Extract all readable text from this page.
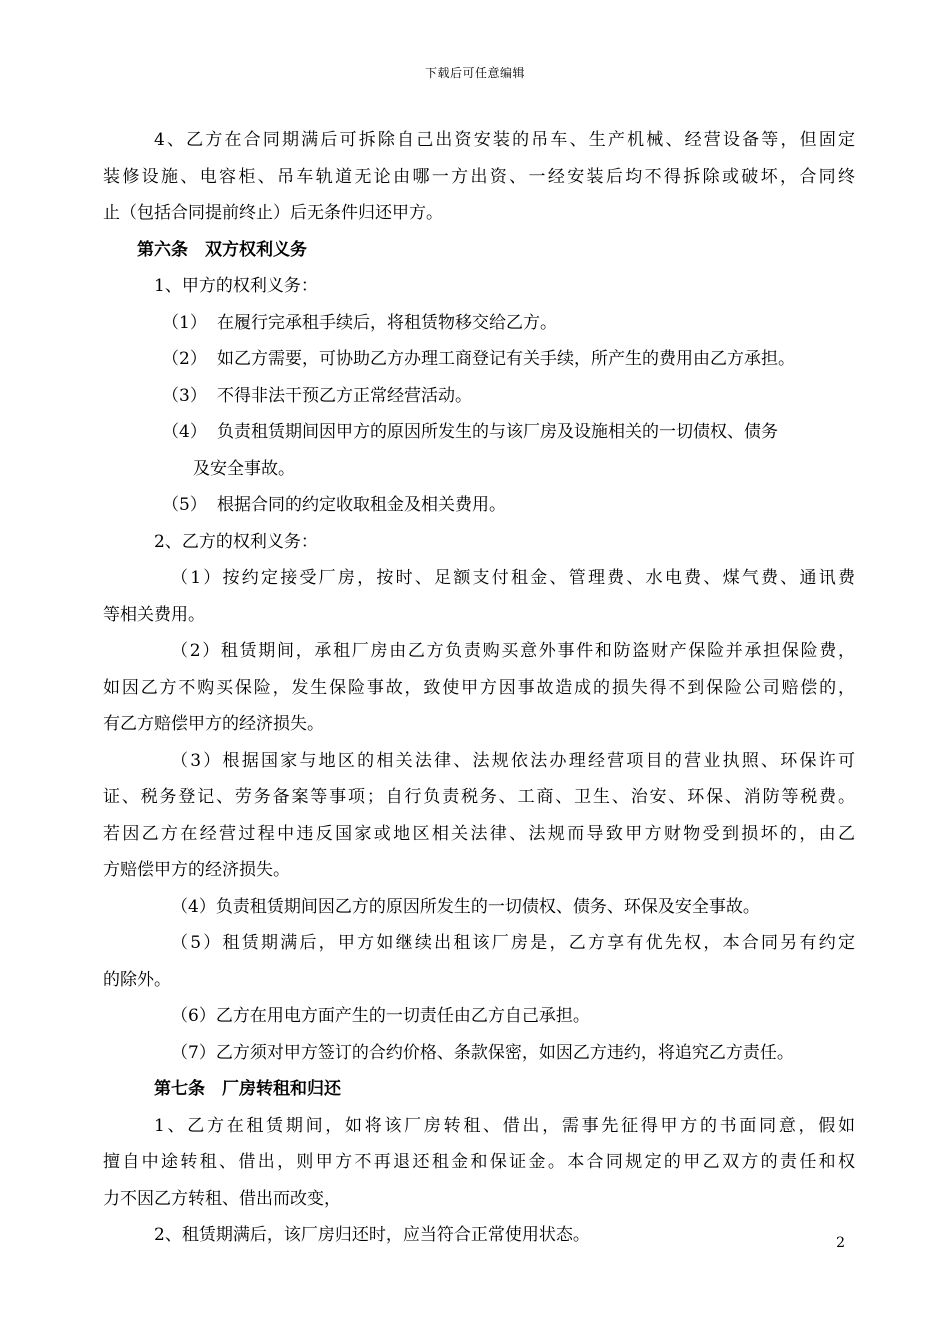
下载后可任意编辑

4、乙方在合同期满后可拆除自己出资安装的吊车、生产机械、经营设备等，但固定

装修设施、电容柜、吊车轨道无论由哪一方出资、一经安装后均不得拆除或破坏，合同终

止（包括合同提前终止）后无条件归还甲方。

第六条　双方权利义务

1、甲方的权利义务：

（1） 在履行完承租手续后，将租赁物移交给乙方。

（2） 如乙方需要，可协助乙方办理工商登记有关手续，所产生的费用由乙方承担。

（3） 不得非法干预乙方正常经营活动。

（4） 负责租赁期间因甲方的原因所发生的与该厂房及设施相关的一切债权、债务

及安全事故。

（5） 根据合同的约定收取租金及相关费用。

2、乙方的权利义务：

（1）按约定接受厂房，按时、足额支付租金、管理费、水电费、煤气费、通讯费

等相关费用。

（2）租赁期间，承租厂房由乙方负责购买意外事件和防盗财产保险并承担保险费，

如因乙方不购买保险，发生保险事故，致使甲方因事故造成的损失得不到保险公司赔偿的，

有乙方赔偿甲方的经济损失。

（3）根据国家与地区的相关法律、法规依法办理经营项目的营业执照、环保许可

证、税务登记、劳务备案等事项；自行负责税务、工商、卫生、治安、环保、消防等税费。

若因乙方在经营过程中违反国家或地区相关法律、法规而导致甲方财物受到损坏的，由乙

方赔偿甲方的经济损失。

（4）负责租赁期间因乙方的原因所发生的一切债权、债务、环保及安全事故。

（5）租赁期满后，甲方如继续出租该厂房是，乙方享有优先权，本合同另有约定

的除外。

（6）乙方在用电方面产生的一切责任由乙方自己承担。

（7）乙方须对甲方签订的合约价格、条款保密，如因乙方违约，将追究乙方责任。

第七条　厂房转租和归还

1、乙方在租赁期间，如将该厂房转租、借出，需事先征得甲方的书面同意，假如

擅自中途转租、借出，则甲方不再退还租金和保证金。本合同规定的甲乙双方的责任和权

力不因乙方转租、借出而改变，

2、租赁期满后，该厂房归还时，应当符合正常使用状态。	2
